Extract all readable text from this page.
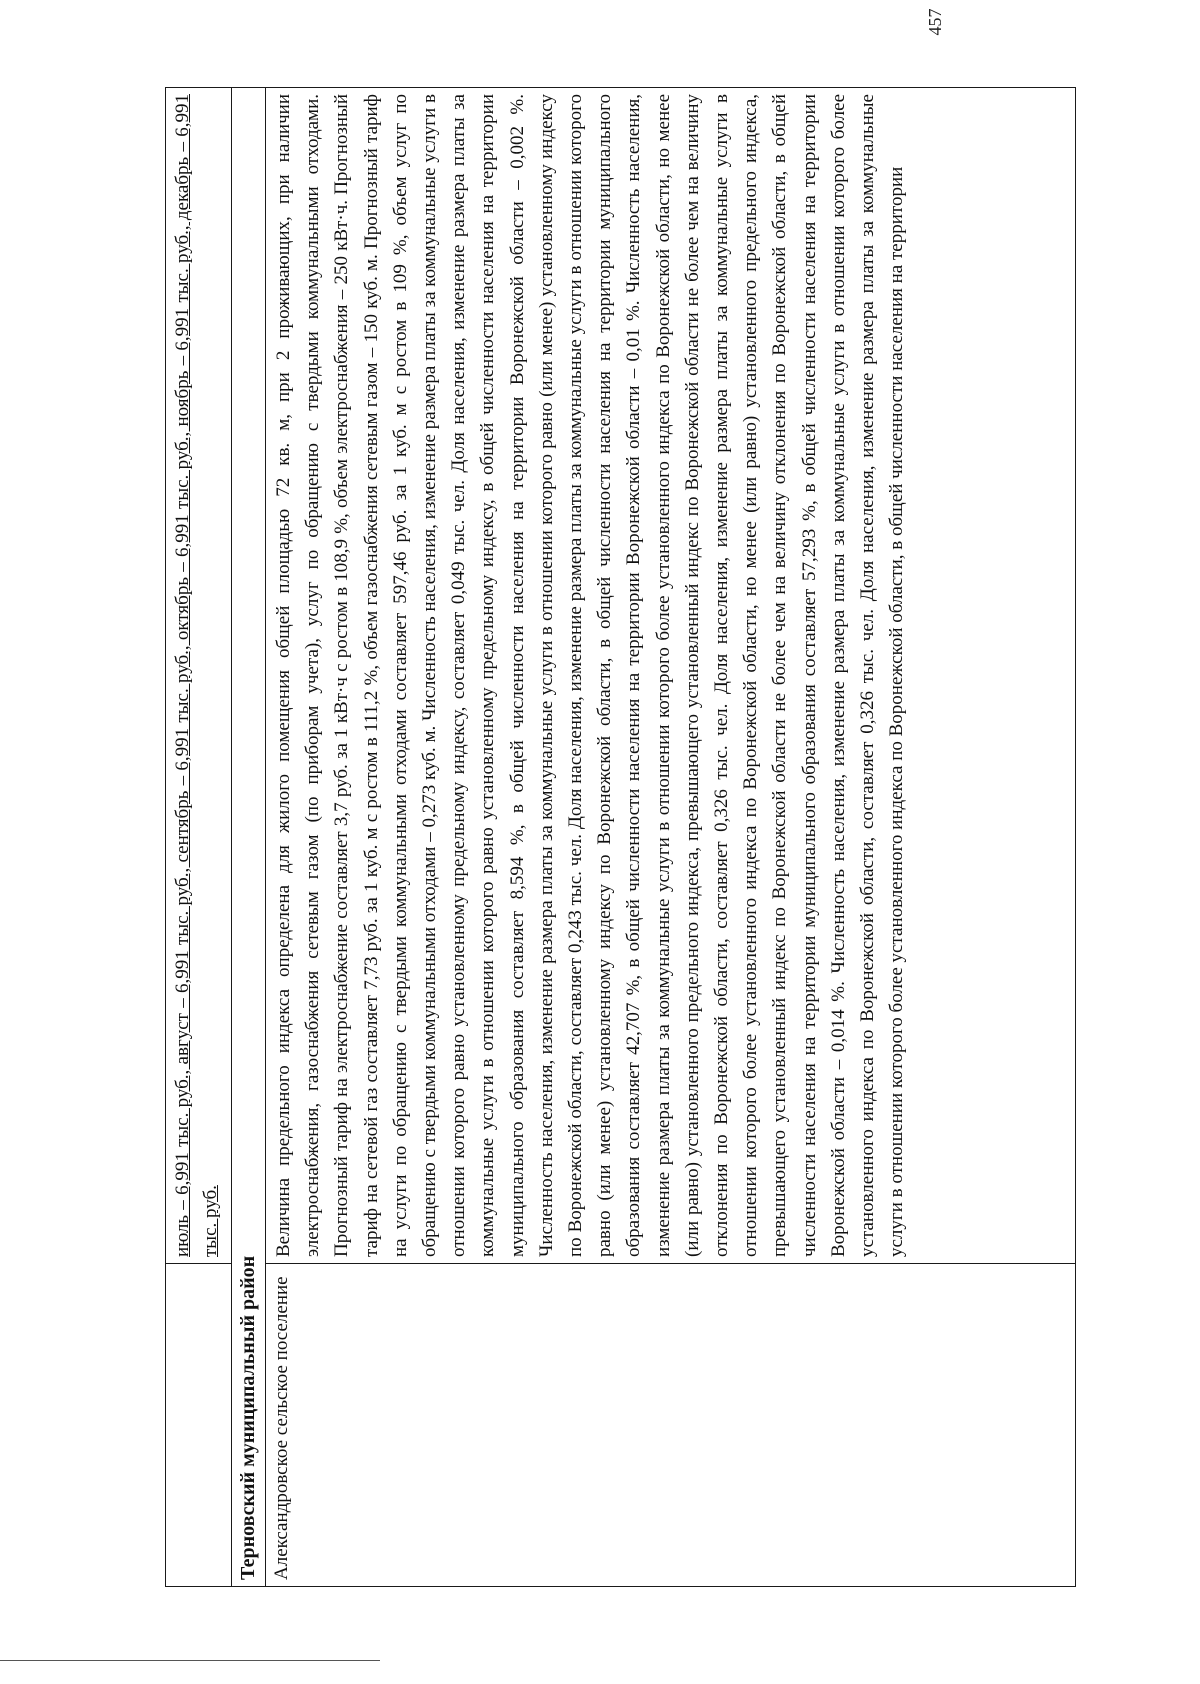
	июль – 6,991 тыс. руб., август – 6,991 тыс. руб., сентябрь – 6,991 тыс. руб., октябрь – 6,991 тыс. руб., ноябрь – 6,991 тыс. руб., декабрь – 6,991 тыс. руб.
Терновский муниципальный район	
Александровское сельское поселение	Величина предельного индекса определена для жилого помещения общей площадью 72 кв. м, при 2 проживающих, при наличии электроснабжения, газоснабжения сетевым газом (по приборам учета), услуг по обращению с твердыми коммунальными отходами. Прогнозный тариф на электроснабжение составляет 3,7 руб. за 1 кВт·ч с ростом в 108,9 %, объем электроснабжения – 250 кВт·ч. Прогнозный тариф на сетевой газ составляет 7,73 руб. за 1 куб. м с ростом в 111,2 %, объем газоснабжения сетевым газом – 150 куб. м. Прогнозный тариф на услуги по обращению с твердыми коммунальными отходами составляет 597,46 руб. за 1 куб. м с ростом в 109 %, объем услуг по обращению с твердыми коммунальными отходами – 0,273 куб. м. Численность населения, изменение размера платы за коммунальные услуги в отношении которого равно установленному предельному индексу, составляет 0,049 тыс. чел. Доля населения, изменение размера платы за коммунальные услуги в отношении которого равно установленному предельному индексу, в общей численности населения на территории муниципального образования составляет 8,594 %, в общей численности населения на территории Воронежской области – 0,002 %. Численность населения, изменение размера платы за коммунальные услуги в отношении которого равно (или менее) установленному индексу по Воронежской области, составляет 0,243 тыс. чел. Доля населения, изменение размера платы за коммунальные услуги в отношении которого равно (или менее) установленному индексу по Воронежской области, в общей численности населения на территории муниципального образования составляет 42,707 %, в общей численности населения на территории Воронежской области – 0,01 %. Численность населения, изменение размера платы за коммунальные услуги в отношении которого более установленного индекса по Воронежской области, но менее (или равно) установленного предельного индекса, превышающего установленный индекс по Воронежской области не более чем на величину отклонения по Воронежской области, составляет 0,326 тыс. чел. Доля населения, изменение размера платы за коммунальные услуги в отношении которого более установленного индекса по Воронежской области, но менее (или равно) установленного предельного индекса, превышающего установленный индекс по Воронежской области не более чем на величину отклонения по Воронежской области, в общей численности населения на территории муниципального образования составляет 57,293 %, в общей численности населения на территории Воронежской области – 0,014 %. Численность населения, изменение размера платы за коммунальные услуги в отношении которого более установленного индекса по Воронежской области, составляет 0,326 тыс. чел. Доля населения, изменение размера платы за коммунальные услуги в отношении которого более установленного индекса по Воронежской области, в общей численности населения на территории
457
